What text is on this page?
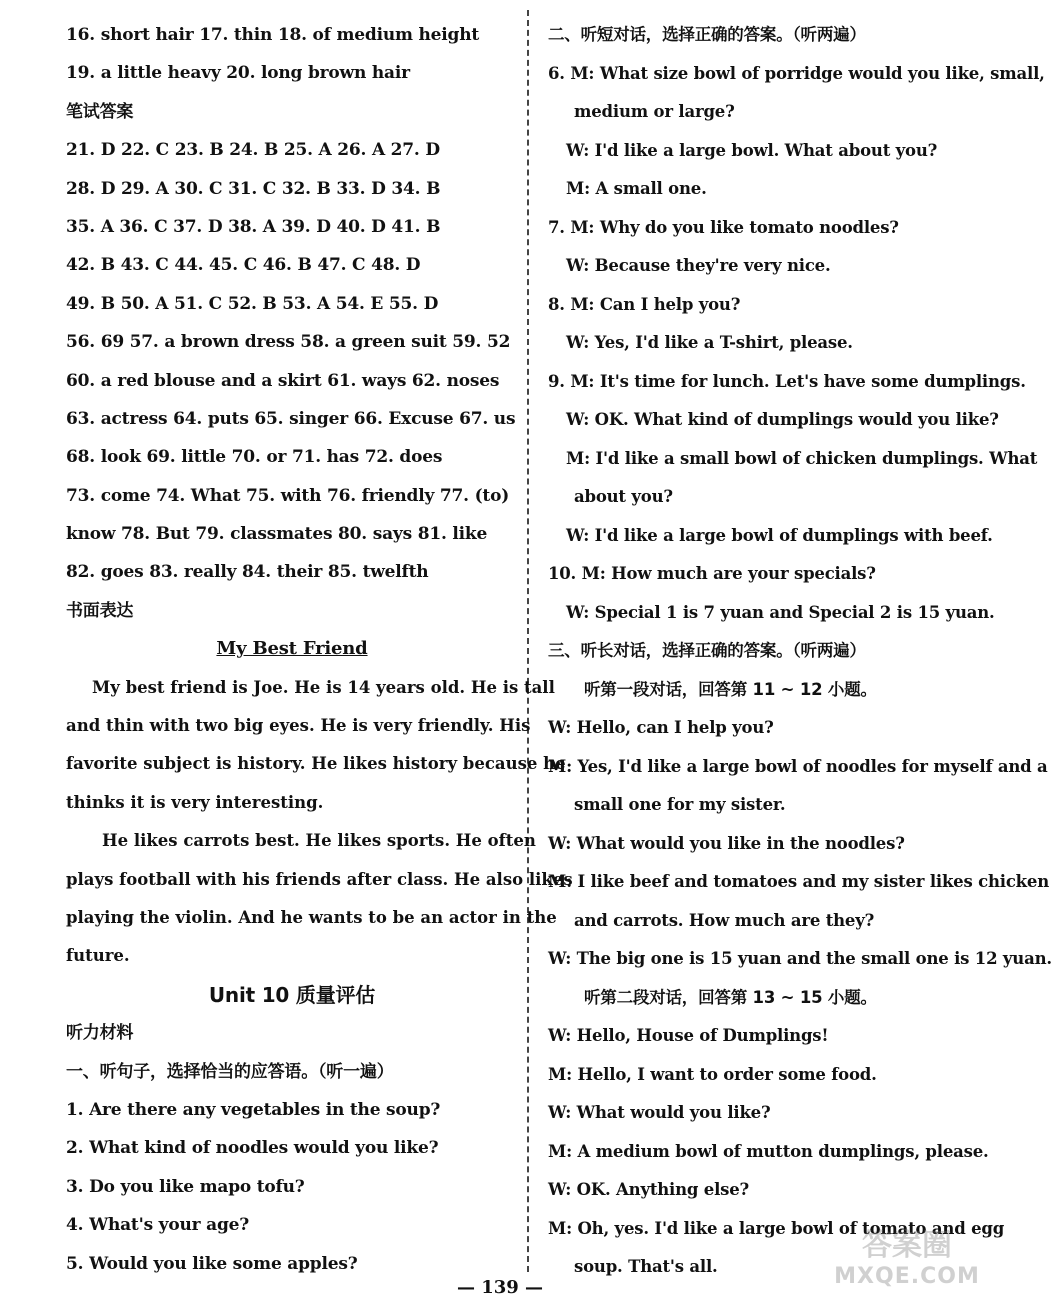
16. short hair 17. thin 18. of medium height
19. a little heavy 20. long brown hair
笔试答案
21. D 22. C 23. B 24. B 25. A 26. A 27. D
28. D 29. A 30. C 31. C 32. B 33. D 34. B
35. A 36. C 37. D 38. A 39. D 40. D 41. B
42. B 43. C 44. 45. C 46. B 47. C 48. D
49. B 50. A 51. C 52. B 53. A 54. E 55. D
56. 69 57. a brown dress 58. a green suit 59. 52
60. a red blouse and a skirt 61. ways 62. noses
63. actress 64. puts 65. singer 66. Excuse 67. us
68. look 69. little 70. or 71. has 72. does
73. come 74. What 75. with 76. friendly 77. (to)
know 78. But 79. classmates 80. says 81. like
82. goes 83. really 84. their 85. twelfth
书面表达
My Best Friend
My best friend is Joe. He is 14 years old. He is tall
and thin with two big eyes. He is very friendly. His
favorite subject is history. He likes history because he
thinks it is very interesting.
He likes carrots best. He likes sports. He often
plays football with his friends after class. He also likes
playing the violin. And he wants to be an actor in the
future.
Unit 10 质量评估
听力材料
一、听句子，选择恰当的应答语。（听一遍）
1. Are there any vegetables in the soup?
2. What kind of noodles would you like?
3. Do you like mapo tofu?
4. What's your age?
5. Would you like some apples?
二、听短对话，选择正确的答案。（听两遍）
6. M: What size bowl of porridge would you like, small,
medium or large?
W: I'd like a large bowl. What about you?
M: A small one.
7. M: Why do you like tomato noodles?
W: Because they're very nice.
8. M: Can I help you?
W: Yes, I'd like a T-shirt, please.
9. M: It's time for lunch. Let's have some dumplings.
W: OK. What kind of dumplings would you like?
M: I'd like a small bowl of chicken dumplings. What
about you?
W: I'd like a large bowl of dumplings with beef.
10. M: How much are your specials?
W: Special 1 is 7 yuan and Special 2 is 15 yuan.
三、听长对话，选择正确的答案。（听两遍）
听第一段对话，回答第 11 ~ 12 小题。
W: Hello, can I help you?
M: Yes, I'd like a large bowl of noodles for myself and a
small one for my sister.
W: What would you like in the noodles?
M: I like beef and tomatoes and my sister likes chicken
and carrots. How much are they?
W: The big one is 15 yuan and the small one is 12 yuan.
听第二段对话，回答第 13 ~ 15 小题。
W: Hello, House of Dumplings!
M: Hello, I want to order some food.
W: What would you like?
M: A medium bowl of mutton dumplings, please.
W: OK. Anything else?
M: Oh, yes. I'd like a large bowl of tomato and egg
soup. That's all.
— 139 —
答案圈
MXQE.COM
